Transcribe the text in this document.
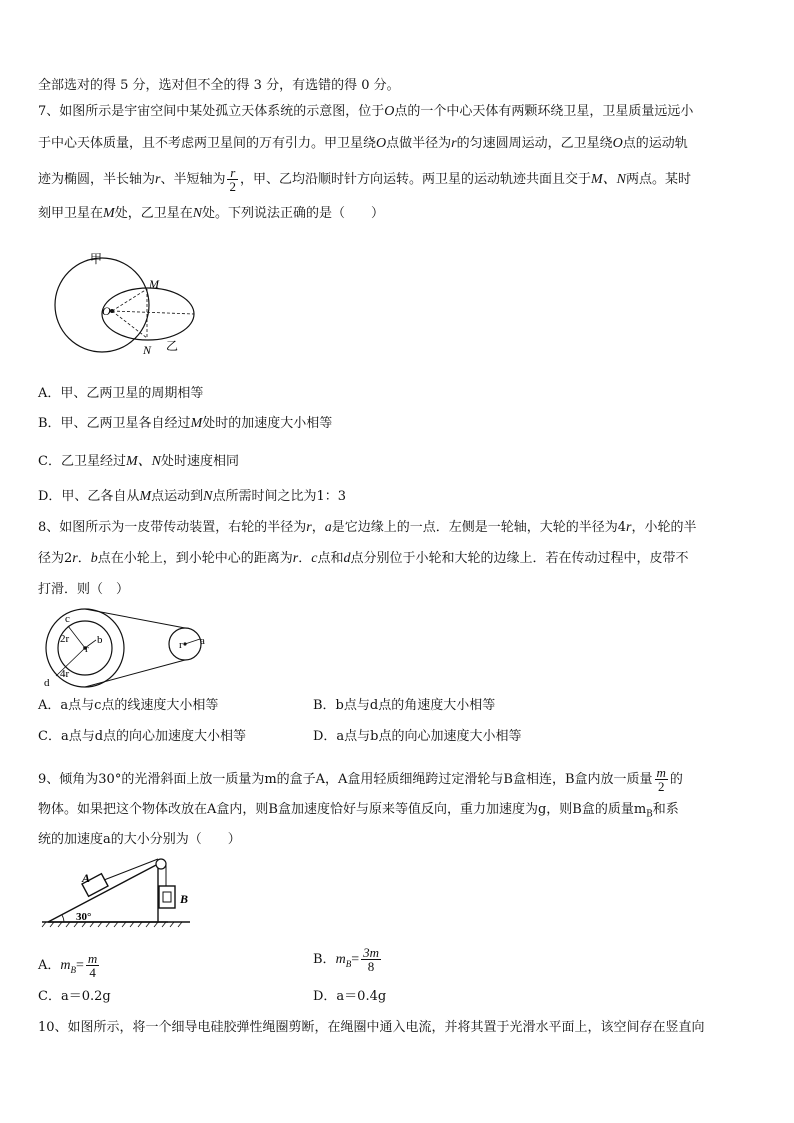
全部选对的得 5 分，选对但不全的得 3 分，有选错的得 0 分。
7、如图所示是宇宙空间中某处孤立天体系统的示意图，位于O点的一个中心天体有两颗环绕卫星，卫星质量远远小
于中心天体质量，且不考虑两卫星间的万有引力。甲卫星绕O点做半径为r的匀速圆周运动，乙卫星绕O点的运动轨
迹为椭圆，半长轴为r、半短轴为 $\frac{r}{2}$ ，甲、乙均沿顺时针方向运转。两卫星的运动轨迹共面且交于M、N两点。某时
刻甲卫星在M处，乙卫星在N处。下列说法正确的是（　　）
甲
M
O
N 乙
A．甲、乙两卫星的周期相等
B．甲、乙两卫星各自经过M处时的加速度大小相等
C．乙卫星经过M、N处时速度相同
D．甲、乙各自从M点运动到N点所需时间之比为1：3
8、如图所示为一皮带传动装置，右轮的半径为r，a是它边缘上的一点．左侧是一轮轴，大轮的半径为4r，小轮的半
径为2r．b点在小轮上，到小轮中心的距离为r．c点和d点分别位于小轮和大轮的边缘上．若在传动过程中，皮带不
打滑．则（　）
c
b
2r
r
4r
d
r a
A．a点与c点的线速度大小相等	B．b点与d点的角速度大小相等
C．a点与d点的向心加速度大小相等	D．a点与b点的向心加速度大小相等
9、倾角为30°的光滑斜面上放一质量为m的盒子A，A盒用轻质细绳跨过定滑轮与B盒相连，B盒内放一质量 $\frac{m}{2}$ 的
物体。如果把这个物体改放在A盒内，则B盒加速度恰好与原来等值反向，重力加速度为g，则B盒的质量$m_B$和系
统的加速度a的大小分别为（　　）
A
B
30°
A．$m_B= \frac{m}{4}$	B．$m_B= \frac{3m}{8}$
C．a＝0.2g	D．a＝0.4g
10、如图所示，将一个细导电硅胶弹性绳圈剪断，在绳圈中通入电流，并将其置于光滑水平面上，该空间存在竖直向
